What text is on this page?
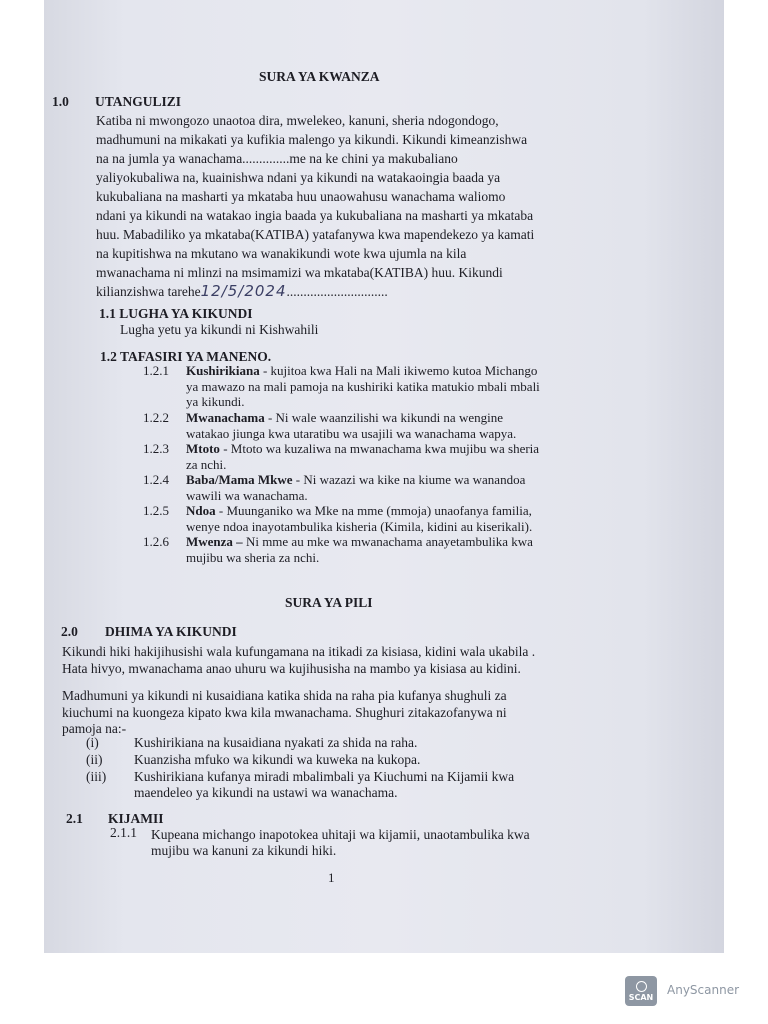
SURA YA KWANZA
1.0 UTANGULIZI
Katiba ni mwongozo unaotoa dira, mwelekeo, kanuni, sheria ndogondogo,
madhumuni na mikakati ya kufikia malengo ya kikundi. Kikundi kimeanzishwa
na na jumla ya wanachama..............me na ke chini ya makubaliano
yaliyokubaliwa na, kuainishwa ndani ya kikundi na watakaoingia baada ya
kukubaliana na masharti ya mkataba huu unaowahusu wanachama waliomo
ndani ya kikundi na watakao ingia baada ya kukubaliana na masharti ya mkataba
huu. Mabadiliko ya mkataba(KATIBA) yatafanywa kwa mapendekezo ya kamati
na kupitishwa na mkutano wa wanakikundi wote kwa ujumla na kila
mwanachama ni mlinzi na msimamizi wa mkataba(KATIBA) huu. Kikundi
kilianzishwa tarehe12/5/2024..............................
1.1 LUGHA YA KIKUNDI
Lugha yetu ya kikundi ni Kishwahili
1.2 TAFASIRI YA MANENO.
1.2.1 Kushirikiana - kujitoa kwa Hali na Mali ikiwemo kutoa Michango
ya mawazo na mali pamoja na kushiriki katika matukio mbali mbali
ya kikundi.
1.2.2 Mwanachama - Ni wale waanzilishi wa kikundi na wengine
watakao jiunga kwa utaratibu wa usajili wa wanachama wapya.
1.2.3 Mtoto - Mtoto wa kuzaliwa na mwanachama kwa mujibu wa sheria
za nchi.
1.2.4 Baba/Mama Mkwe - Ni wazazi wa kike na kiume wa wanandoa
wawili wa wanachama.
1.2.5 Ndoa - Muunganiko wa Mke na mme (mmoja) unaofanya familia,
wenye ndoa inayotambulika kisheria (Kimila, kidini au kiserikali).
1.2.6 Mwenza – Ni mme au mke wa mwanachama anayetambulika kwa
mujibu wa sheria za nchi.
SURA YA PILI
2.0 DHIMA YA KIKUNDI
Kikundi hiki hakijihusishi wala kufungamana na itikadi za kisiasa, kidini wala ukabila .
Hata hivyo, mwanachama anao uhuru wa kujihusisha na mambo ya kisiasa au kidini.
Madhumuni ya kikundi ni kusaidiana katika shida na raha pia kufanya shughuli za
kiuchumi na kuongeza kipato kwa kila mwanachama. Shughuri zitakazofanywa ni
pamoja na:-
(i)	Kushirikiana na kusaidiana nyakati za shida na raha.
(ii) Kuanzisha mfuko wa kikundi wa kuweka na kukopa.
(iii) Kushirikiana kufanya miradi mbalimbali ya Kiuchumi na Kijamii kwa
maendeleo ya kikundi na ustawi wa wanachama.
2.1 KIJAMII
2.1.1 Kupeana michango inapotokea uhitaji wa kijamii, unaotambulika kwa
mujibu wa kanuni za kikundi hiki.
1
SCAN AnyScanner
